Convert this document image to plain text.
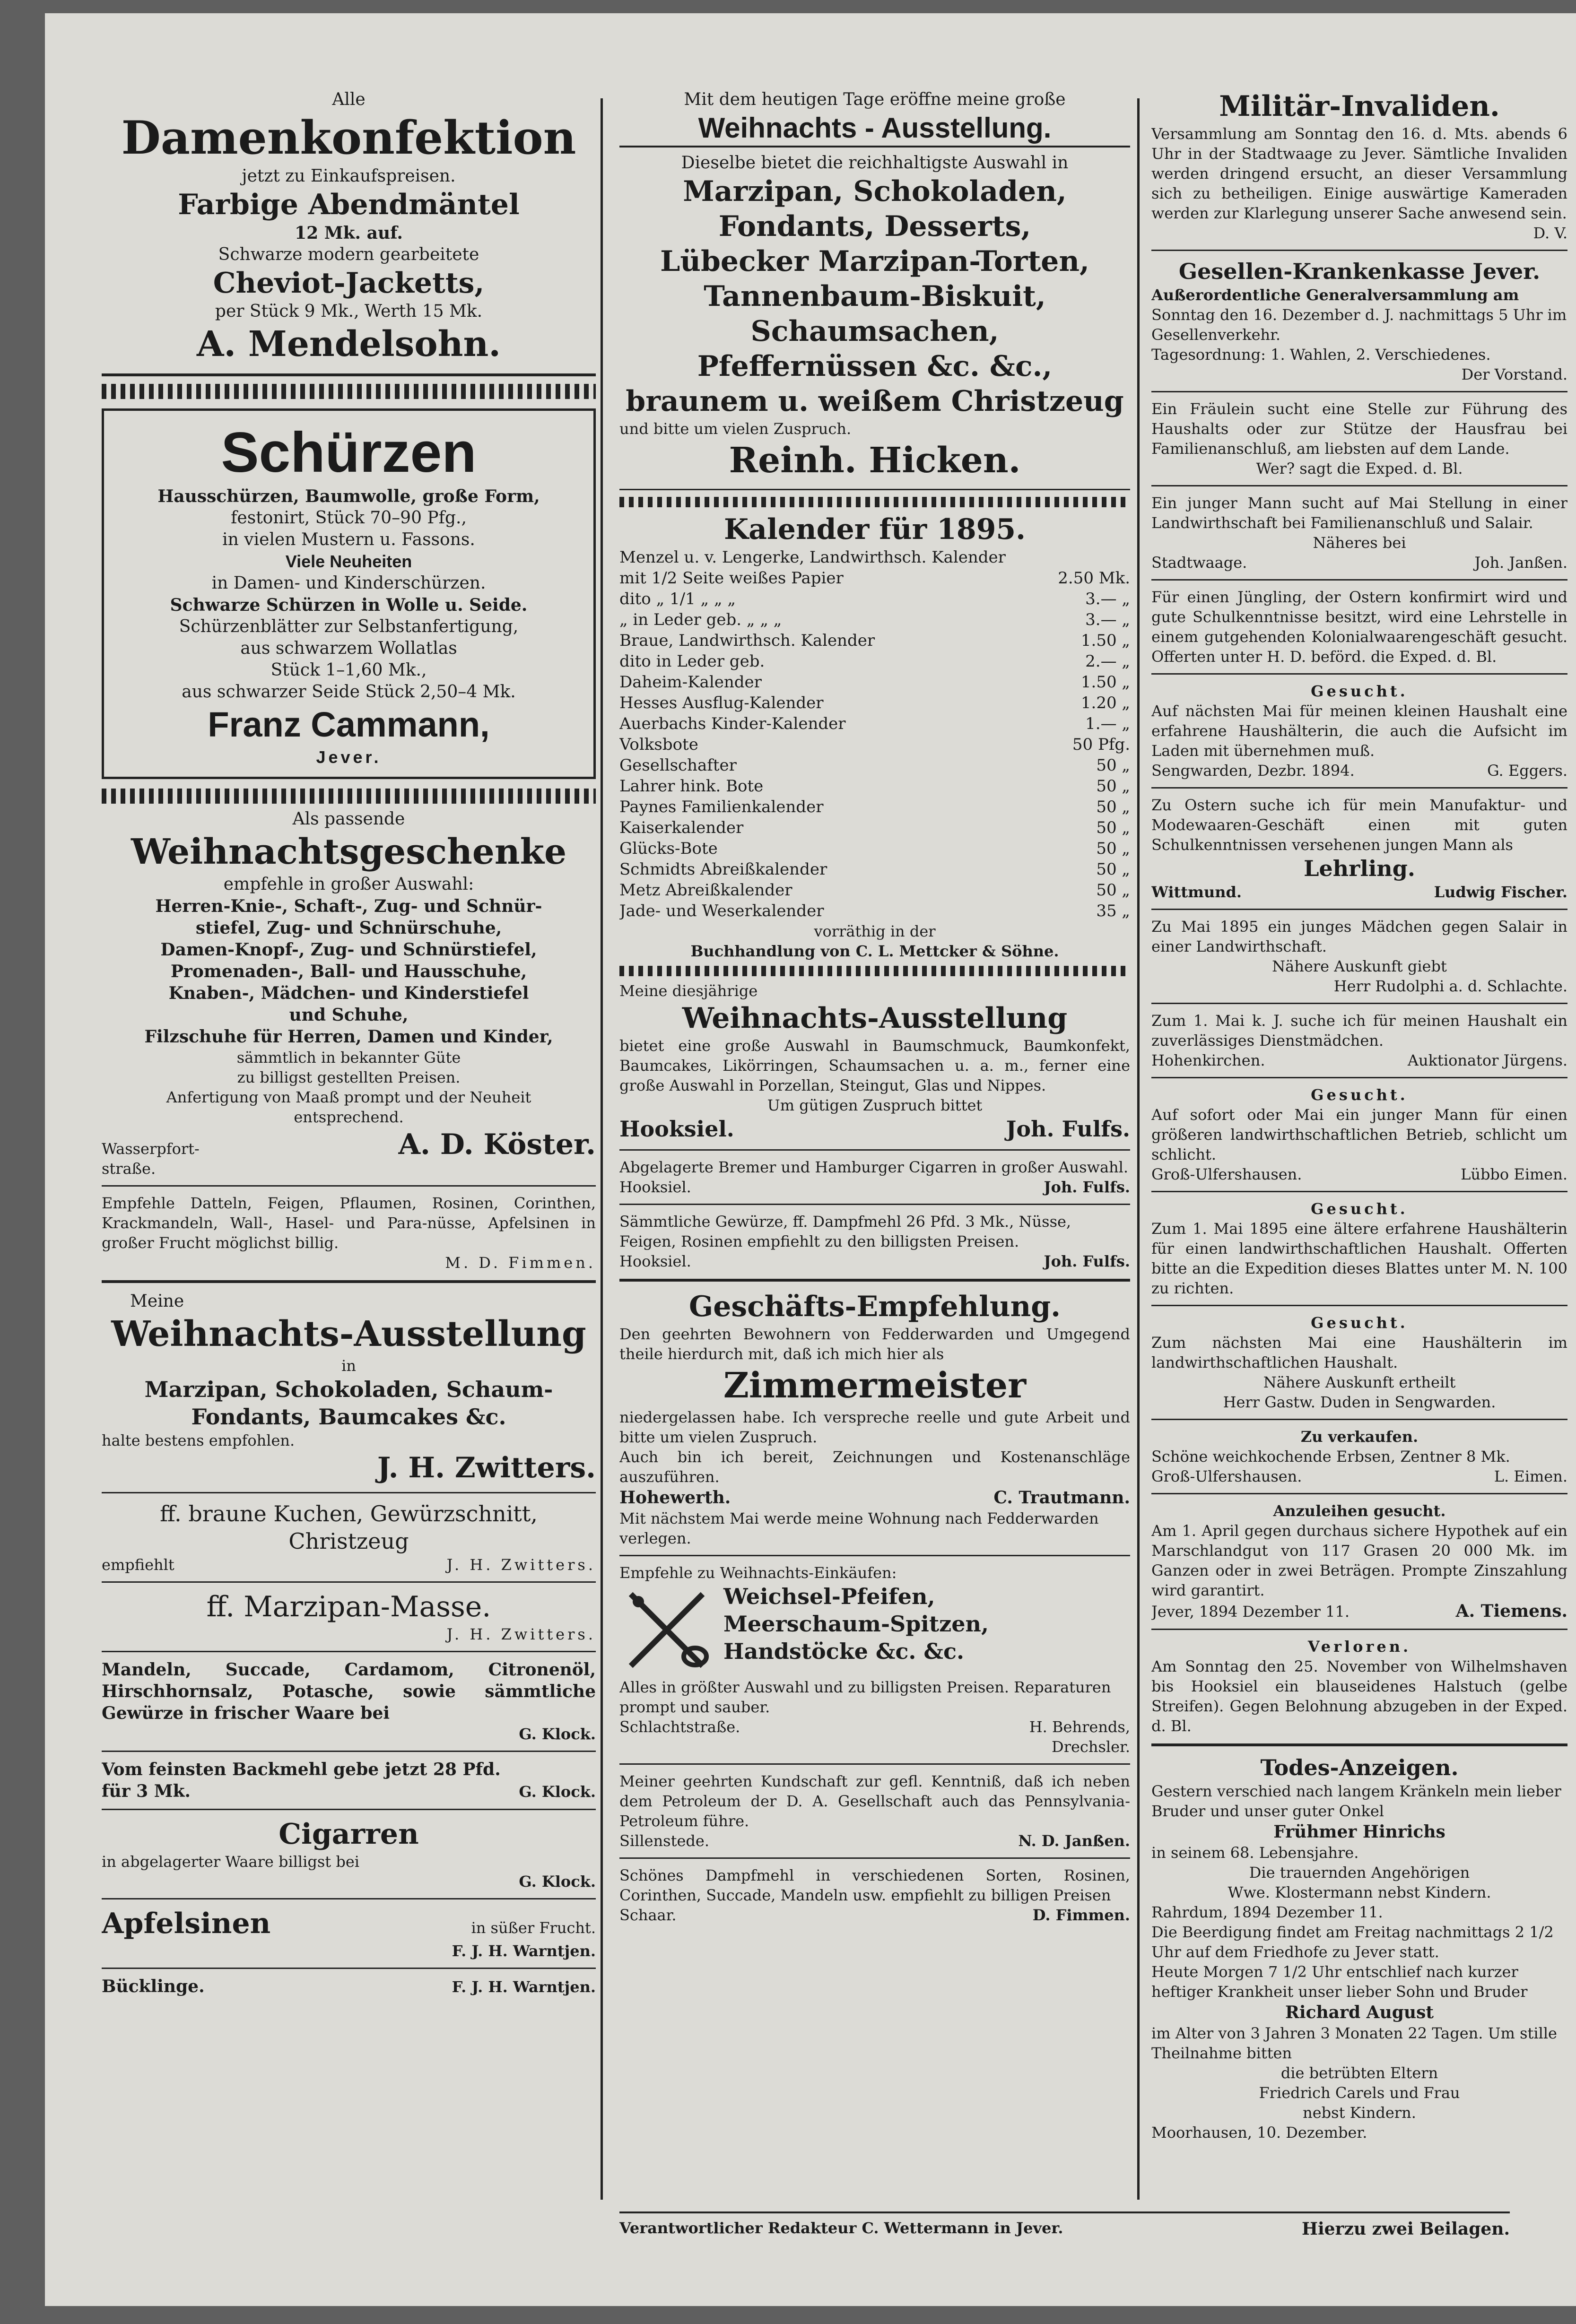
Alle

Damenkonfektion

jetzt zu Einkaufspreisen.

Farbige Abendmäntel

12 Mk. auf.

Schwarze modern gearbeitete

Cheviot-Jacketts,

per Stück 9 Mk., Werth 15 Mk.

A. Mendelsohn.

Schürzen

Hausschürzen, Baumwolle, große Form,

festonirt, Stück 70–90 Pfg.,

in vielen Mustern u. Fassons.

Viele Neuheiten

in Damen- und Kinderschürzen.

Schwarze Schürzen in Wolle u. Seide.

Schürzenblätter zur Selbstanfertigung,

aus schwarzem Wollatlas

Stück 1–1,60 Mk.,

aus schwarzer Seide Stück 2,50–4 Mk.

Franz Cammann,

Jever.

Als passende

Weihnachtsgeschenke

empfehle in großer Auswahl:

Herren-Knie-, Schaft-, Zug- und Schnür-

stiefel, Zug- und Schnürschuhe,

Damen-Knopf-, Zug- und Schnürstiefel,

Promenaden-, Ball- und Hausschuhe,

Knaben-, Mädchen- und Kinderstiefel

und Schuhe,

Filzschuhe für Herren, Damen und Kinder,

sämmtlich in bekannter Güte

zu billigst gestellten Preisen.

Anfertigung von Maaß prompt und der Neuheit

entsprechend.

Wasserpfort-

straße.

A. D. Köster.

Empfehle Datteln, Feigen, Pflaumen, Rosinen, Corinthen, Krackmandeln, Wall-, Hasel- und Para-nüsse, Apfelsinen in großer Frucht möglichst billig.

M. D. Fimmen.

Meine

Weihnachts-Ausstellung

in

Marzipan, Schokoladen, Schaum-

Fondants, Baumcakes &c.

halte bestens empfohlen.

J. H. Zwitters.

ff. braune Kuchen, Gewürzschnitt,

Christzeug

empfiehlt	J. H. Zwitters.

ff. Marzipan-Masse.

J. H. Zwitters.

Mandeln, Succade, Cardamom, Citronenöl, Hirschhornsalz, Potasche, sowie sämmtliche Gewürze in frischer Waare bei

G. Klock.

Vom feinsten Backmehl gebe jetzt 28 Pfd.

für 3 Mk.	G. Klock.

Cigarren

in abgelagerter Waare billigst bei

G. Klock.

Apfelsinen	in süßer Frucht.

F. J. H. Warntjen.

Bücklinge.	F. J. H. Warntjen.

Mit dem heutigen Tage eröffne meine große

Weihnachts - Ausstellung.

Dieselbe bietet die reichhaltigste Auswahl in

Marzipan, Schokoladen,

Fondants, Desserts,

Lübecker Marzipan-Torten,

Tannenbaum-Biskuit,

Schaumsachen,

Pfeffernüssen &c. &c.,

braunem u. weißem Christzeug

und bitte um vielen Zuspruch.

Reinh. Hicken.

Kalender für 1895.

Menzel u. v. Lengerke, Landwirthsch. Kalender
mit 1/2 Seite weißes Papier	2.50 Mk.
dito „ 1/1 „ „ „	3.— „
„ in Leder geb. „ „ „	3.— „
Braue, Landwirthsch. Kalender	1.50 „
dito in Leder geb.	2.— „
Daheim-Kalender	1.50 „
Hesses Ausflug-Kalender	1.20 „
Auerbachs Kinder-Kalender	1.— „
Volksbote	50 Pfg.
Gesellschafter	50 „
Lahrer hink. Bote	50 „
Paynes Familienkalender	50 „
Kaiserkalender	50 „
Glücks-Bote	50 „
Schmidts Abreißkalender	50 „
Metz Abreißkalender	50 „
Jade- und Weserkalender	35 „

vorräthig in der

Buchhandlung von C. L. Mettcker & Söhne.

Meine diesjährige

Weihnachts-Ausstellung

bietet eine große Auswahl in Baumschmuck, Baumkonfekt, Baumcakes, Likörringen, Schaumsachen u. a. m., ferner eine große Auswahl in Porzellan, Steingut, Glas und Nippes.

Um gütigen Zuspruch bittet

Hooksiel.	Joh. Fulfs.

Abgelagerte Bremer und Hamburger Cigarren in großer Auswahl.

Hooksiel.	Joh. Fulfs.

Sämmtliche Gewürze, ff. Dampfmehl 26 Pfd. 3 Mk., Nüsse, Feigen, Rosinen empfiehlt zu den billigsten Preisen.

Hooksiel.	Joh. Fulfs.

Geschäfts-Empfehlung.

Den geehrten Bewohnern von Fedderwarden und Umgegend theile hierdurch mit, daß ich mich hier als

Zimmermeister

niedergelassen habe. Ich verspreche reelle und gute Arbeit und bitte um vielen Zuspruch.

Auch bin ich bereit, Zeichnungen und Kostenanschläge auszuführen.

Hohewerth.	C. Trautmann.

Mit nächstem Mai werde meine Wohnung nach Fedderwarden verlegen.

Empfehle zu Weihnachts-Einkäufen:

Weichsel-Pfeifen,

Meerschaum-Spitzen,

Handstöcke &c. &c.

Alles in größter Auswahl und zu billigsten Preisen. Reparaturen prompt und sauber.

Schlachtstraße.	H. Behrends,

Drechsler.

Meiner geehrten Kundschaft zur gefl. Kenntniß, daß ich neben dem Petroleum der D. A. Gesellschaft auch das Pennsylvania-Petroleum führe.

Sillenstede.	N. D. Janßen.

Schönes Dampfmehl in verschiedenen Sorten, Rosinen, Corinthen, Succade, Mandeln usw. empfiehlt zu billigen Preisen

Schaar.	D. Fimmen.

Militär-Invaliden.

Versammlung am Sonntag den 16. d. Mts. abends 6 Uhr in der Stadtwaage zu Jever. Sämtliche Invaliden werden dringend ersucht, an dieser Versammlung sich zu betheiligen. Einige auswärtige Kameraden werden zur Klarlegung unserer Sache anwesend sein.

D. V.

Gesellen-Krankenkasse Jever.

Außerordentliche Generalversammlung am

Sonntag den 16. Dezember d. J. nachmittags 5 Uhr im Gesellenverkehr.

Tagesordnung: 1. Wahlen, 2. Verschiedenes.

Der Vorstand.

Ein Fräulein sucht eine Stelle zur Führung des Haushalts oder zur Stütze der Hausfrau bei Familienanschluß, am liebsten auf dem Lande.

Wer? sagt die Exped. d. Bl.

Ein junger Mann sucht auf Mai Stellung in einer Landwirthschaft bei Familienanschluß und Salair.

Näheres bei

Stadtwaage.	Joh. Janßen.

Für einen Jüngling, der Ostern konfirmirt wird und gute Schulkenntnisse besitzt, wird eine Lehrstelle in einem gutgehenden Kolonialwaarengeschäft gesucht. Offerten unter H. D. beförd. die Exped. d. Bl.

Gesucht.

Auf nächsten Mai für meinen kleinen Haushalt eine erfahrene Haushälterin, die auch die Aufsicht im Laden mit übernehmen muß.

Sengwarden, Dezbr. 1894.	G. Eggers.

Zu Ostern suche ich für mein Manufaktur- und Modewaaren-Geschäft einen mit guten Schulkenntnissen versehenen jungen Mann als

Lehrling.

Wittmund.	Ludwig Fischer.

Zu Mai 1895 ein junges Mädchen gegen Salair in einer Landwirthschaft.

Nähere Auskunft giebt

Herr Rudolphi a. d. Schlachte.

Zum 1. Mai k. J. suche ich für meinen Haushalt ein zuverlässiges Dienstmädchen.

Hohenkirchen.	Auktionator Jürgens.

Gesucht.

Auf sofort oder Mai ein junger Mann für einen größeren landwirthschaftlichen Betrieb, schlicht um schlicht.

Groß-Ulfershausen.	Lübbo Eimen.

Gesucht.

Zum 1. Mai 1895 eine ältere erfahrene Haushälterin für einen landwirthschaftlichen Haushalt. Offerten bitte an die Expedition dieses Blattes unter M. N. 100 zu richten.

Gesucht.

Zum nächsten Mai eine Haushälterin im landwirthschaftlichen Haushalt.

Nähere Auskunft ertheilt

Herr Gastw. Duden in Sengwarden.

Zu verkaufen.

Schöne weichkochende Erbsen, Zentner 8 Mk.

Groß-Ulfershausen.	L. Eimen.

Anzuleihen gesucht.

Am 1. April gegen durchaus sichere Hypothek auf ein Marschlandgut von 117 Grasen 20 000 Mk. im Ganzen oder in zwei Beträgen. Prompte Zinszahlung wird garantirt.

Jever, 1894 Dezember 11.	A. Tiemens.

Verloren.

Am Sonntag den 25. November von Wilhelmshaven bis Hooksiel ein blauseidenes Halstuch (gelbe Streifen). Gegen Belohnung abzugeben in der Exped. d. Bl.

Todes-Anzeigen.

Gestern verschied nach langem Kränkeln mein lieber Bruder und unser guter Onkel

Frühmer Hinrichs

in seinem 68. Lebensjahre.

Die trauernden Angehörigen

Wwe. Klostermann nebst Kindern.

Rahrdum, 1894 Dezember 11.

Die Beerdigung findet am Freitag nachmittags 2 1/2 Uhr auf dem Friedhofe zu Jever statt.

Heute Morgen 7 1/2 Uhr entschlief nach kurzer heftiger Krankheit unser lieber Sohn und Bruder

Richard August

im Alter von 3 Jahren 3 Monaten 22 Tagen. Um stille Theilnahme bitten

die betrübten Eltern

Friedrich Carels und Frau

nebst Kindern.

Moorhausen, 10. Dezember.

Verantwortlicher Redakteur C. Wettermann in Jever.	Hierzu zwei Beilagen.
